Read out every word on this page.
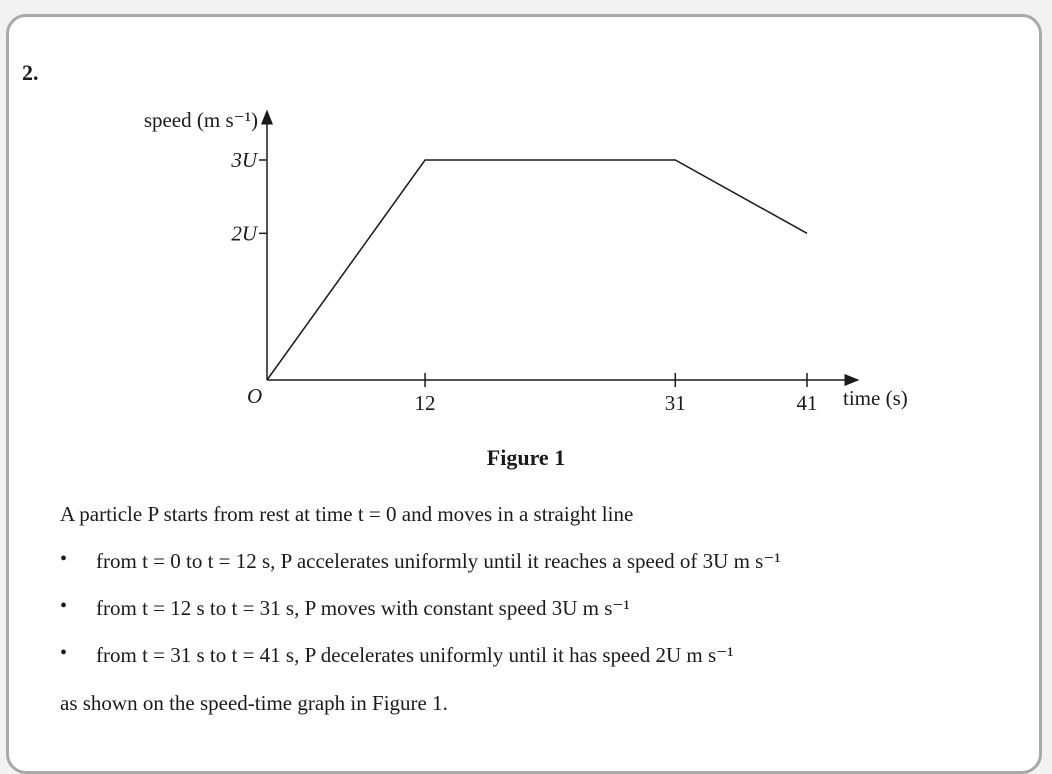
2.
speed (m s⁻¹)
time (s)
O	12	31	41
2U
3U
Figure 1
A particle P starts from rest at time t = 0 and moves in a straight line
• from t = 0 to t = 12 s, P accelerates uniformly until it reaches a speed of 3U m s⁻¹
• from t = 12 s to t = 31 s, P moves with constant speed 3U m s⁻¹
• from t = 31 s to t = 41 s, P decelerates uniformly until it has speed 2U m s⁻¹
as shown on the speed-time graph in Figure 1.
